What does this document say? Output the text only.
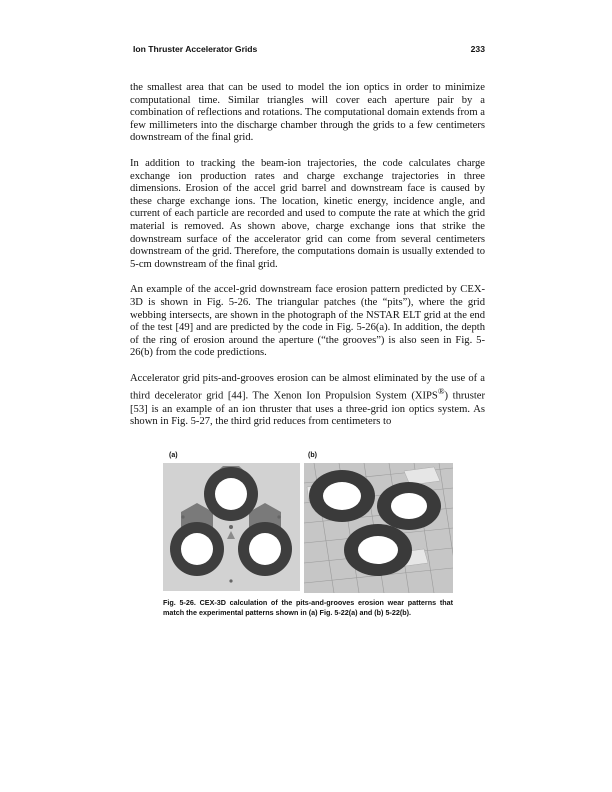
Ion Thruster Accelerator Grids	233

the smallest area that can be used to model the ion optics in order to minimize computational time. Similar triangles will cover each aperture pair by a combination of reflections and rotations. The computational domain extends from a few millimeters into the discharge chamber through the grids to a few centimeters downstream of the final grid.

In addition to tracking the beam-ion trajectories, the code calculates charge exchange ion production rates and charge exchange trajectories in three dimensions. Erosion of the accel grid barrel and downstream face is caused by these charge exchange ions. The location, kinetic energy, incidence angle, and current of each particle are recorded and used to compute the rate at which the grid material is removed. As shown above, charge exchange ions that strike the downstream surface of the accelerator grid can come from several centimeters downstream of the grid. Therefore, the computations domain is usually extended to 5-cm downstream of the final grid.

An example of the accel-grid downstream face erosion pattern predicted by CEX-3D is shown in Fig. 5-26. The triangular patches (the “pits”), where the grid webbing intersects, are shown in the photograph of the NSTAR ELT grid at the end of the test [49] and are predicted by the code in Fig. 5-26(a). In addition, the depth of the ring of erosion around the aperture (“the grooves”) is also seen in Fig. 5-26(b) from the code predictions.

Accelerator grid pits-and-grooves erosion can be almost eliminated by the use of a third decelerator grid [44]. The Xenon Ion Propulsion System (XIPS®) thruster [53] is an example of an ion thruster that uses a three-grid ion optics system. As shown in Fig. 5-27, the third grid reduces from centimeters to

(a)	(b)
Fig. 5-26. CEX-3D calculation of the pits-and-grooves erosion wear patterns that match the experimental patterns shown in (a) Fig. 5-22(a) and (b) 5-22(b).
